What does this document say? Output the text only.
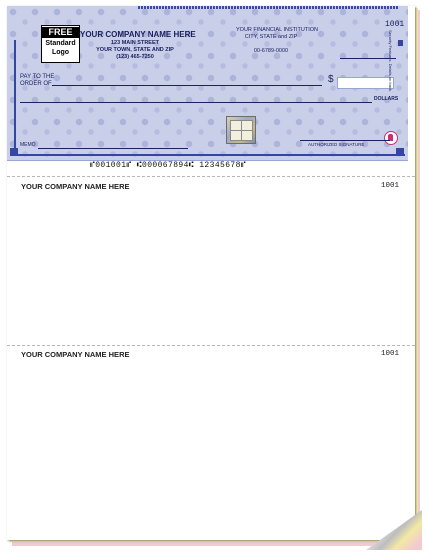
FREE
Standard
Logo
YOUR COMPANY NAME HERE
123 MAIN STREET
YOUR TOWN, STATE AND ZIP
(123) 465-7250
YOUR FINANCIAL INSTITUTION
CITY, STATE and ZIP
00-6789-0000
1001
PAY TO THE
ORDER OF	$
DOLLARS
Security Features. Details on back.
MEMO	AUTHORIZED SIGNATURE
⑈001001⑈ ⑆000067894⑆ 12345678⑈
YOUR COMPANY NAME HERE	1001
YOUR COMPANY NAME HERE	1001
